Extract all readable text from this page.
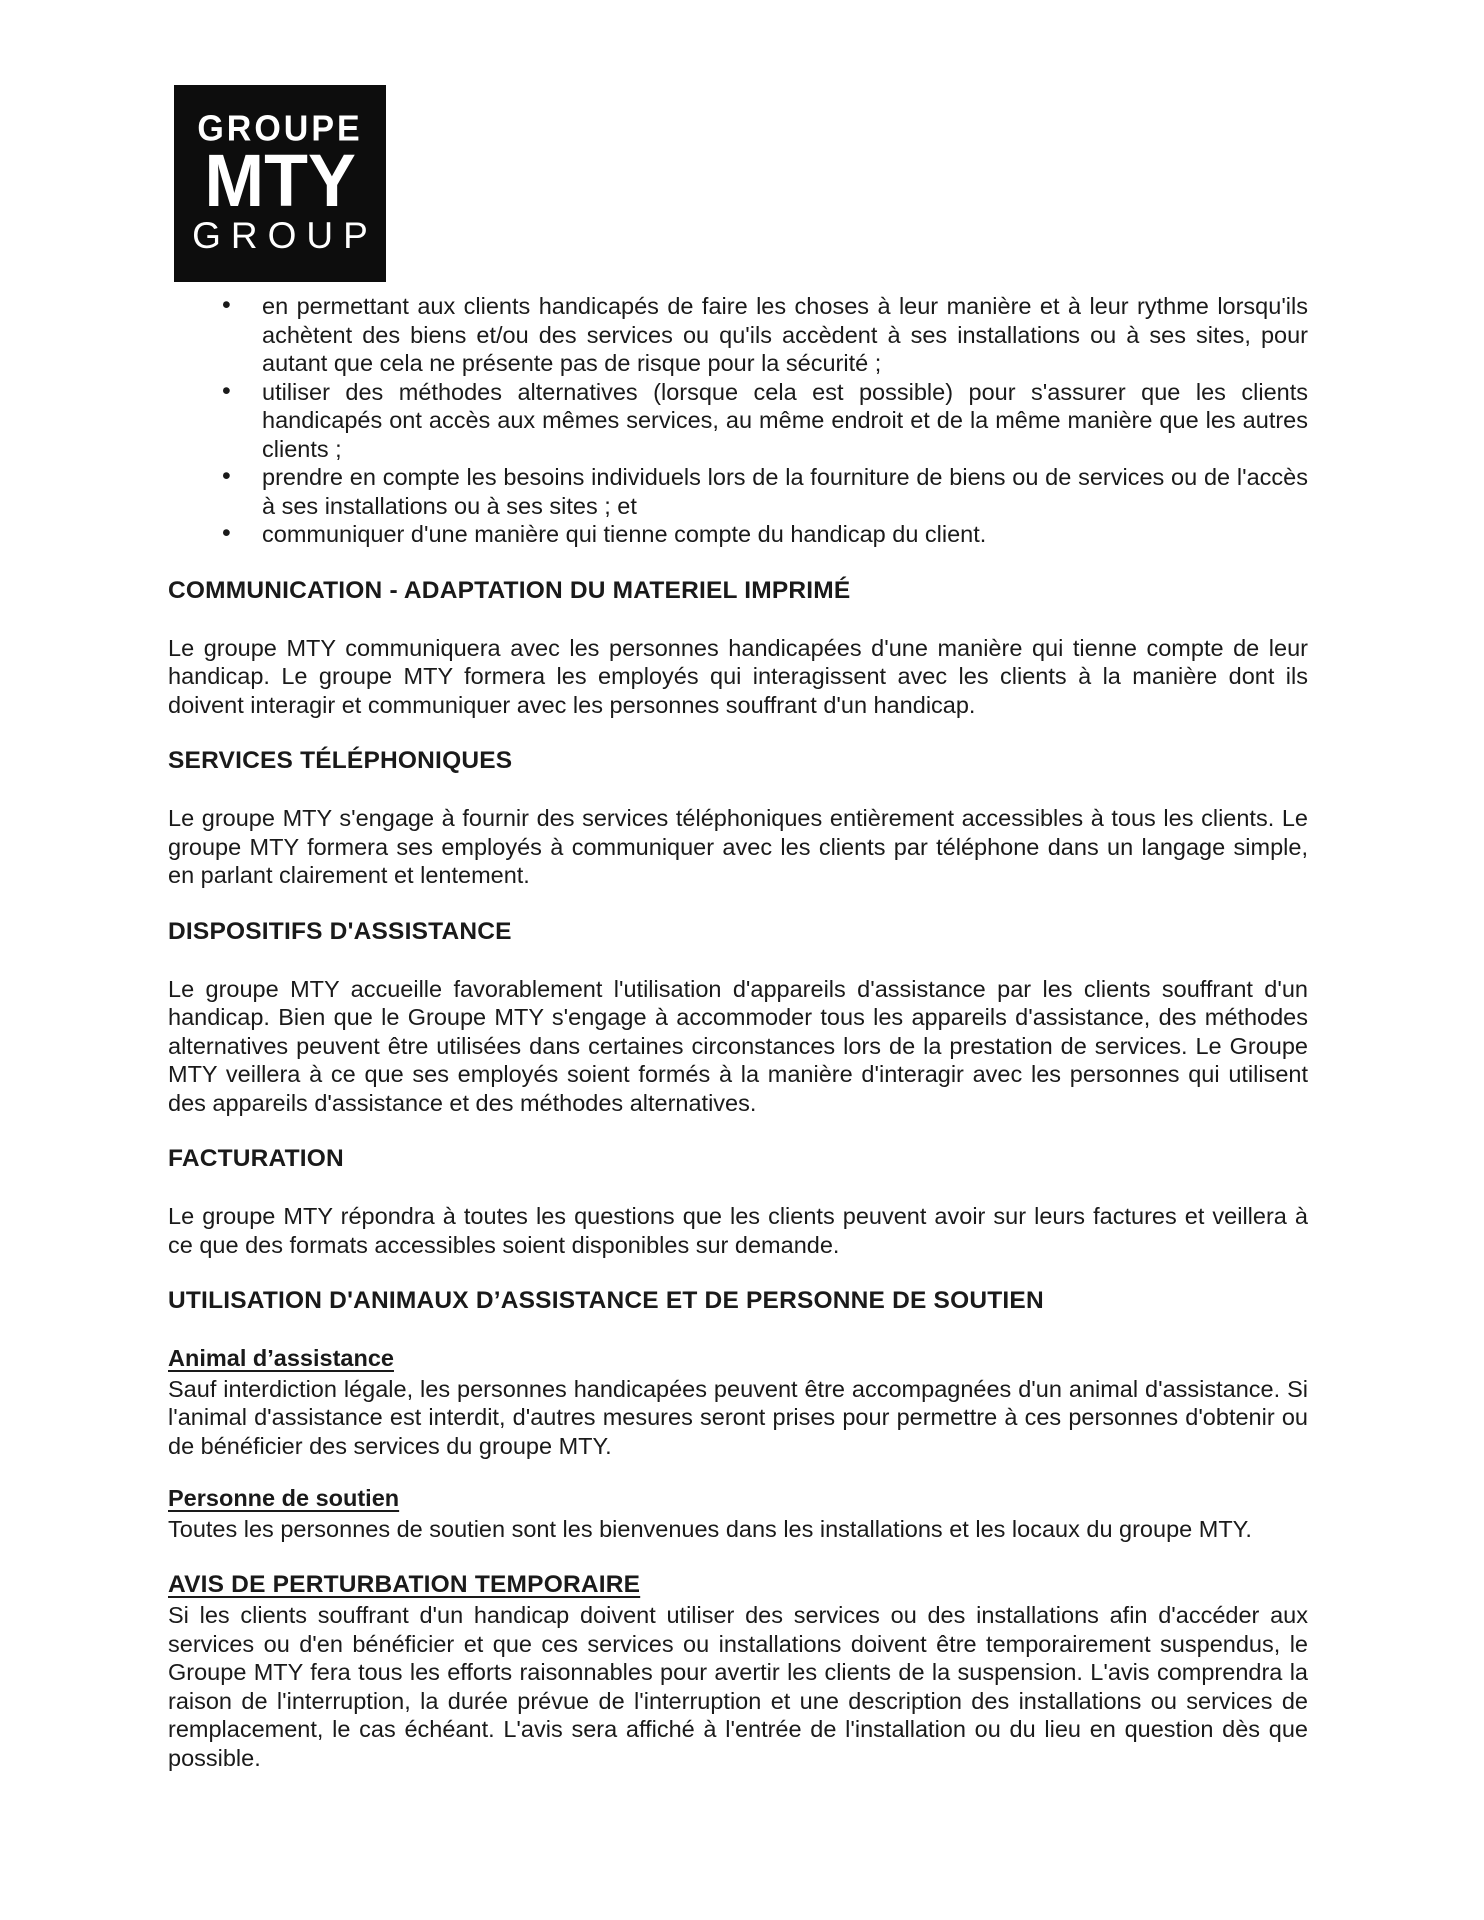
GROUPE
MTY
GROUP
• en permettant aux clients handicapés de faire les choses à leur manière et à leur rythme lorsqu'ils achètent des biens et/ou des services ou qu'ils accèdent à ses installations ou à ses sites, pour autant que cela ne présente pas de risque pour la sécurité ;
• utiliser des méthodes alternatives (lorsque cela est possible) pour s'assurer que les clients handicapés ont accès aux mêmes services, au même endroit et de la même manière que les autres clients ;
• prendre en compte les besoins individuels lors de la fourniture de biens ou de services ou de l'accès à ses installations ou à ses sites ; et
• communiquer d'une manière qui tienne compte du handicap du client.
COMMUNICATION - ADAPTATION DU MATERIEL IMPRIMÉ

Le groupe MTY communiquera avec les personnes handicapées d'une manière qui tienne compte de leur handicap. Le groupe MTY formera les employés qui interagissent avec les clients à la manière dont ils doivent interagir et communiquer avec les personnes souffrant d'un handicap.

SERVICES TÉLÉPHONIQUES

Le groupe MTY s'engage à fournir des services téléphoniques entièrement accessibles à tous les clients. Le groupe MTY formera ses employés à communiquer avec les clients par téléphone dans un langage simple, en parlant clairement et lentement.

DISPOSITIFS D'ASSISTANCE

Le groupe MTY accueille favorablement l'utilisation d'appareils d'assistance par les clients souffrant d'un handicap. Bien que le Groupe MTY s'engage à accommoder tous les appareils d'assistance, des méthodes alternatives peuvent être utilisées dans certaines circonstances lors de la prestation de services. Le Groupe MTY veillera à ce que ses employés soient formés à la manière d'interagir avec les personnes qui utilisent des appareils d'assistance et des méthodes alternatives.

FACTURATION

Le groupe MTY répondra à toutes les questions que les clients peuvent avoir sur leurs factures et veillera à ce que des formats accessibles soient disponibles sur demande.

UTILISATION D'ANIMAUX D’ASSISTANCE ET DE PERSONNE DE SOUTIEN
Animal d’assistance

Sauf interdiction légale, les personnes handicapées peuvent être accompagnées d'un animal d'assistance. Si l'animal d'assistance est interdit, d'autres mesures seront prises pour permettre à ces personnes d'obtenir ou de bénéficier des services du groupe MTY.

Personne de soutien

Toutes les personnes de soutien sont les bienvenues dans les installations et les locaux du groupe MTY.

AVIS DE PERTURBATION TEMPORAIRE

Si les clients souffrant d'un handicap doivent utiliser des services ou des installations afin d'accéder aux services ou d'en bénéficier et que ces services ou installations doivent être temporairement suspendus, le Groupe MTY fera tous les efforts raisonnables pour avertir les clients de la suspension. L'avis comprendra la raison de l'interruption, la durée prévue de l'interruption et une description des installations ou services de remplacement, le cas échéant. L'avis sera affiché à l'entrée de l'installation ou du lieu en question dès que possible.
